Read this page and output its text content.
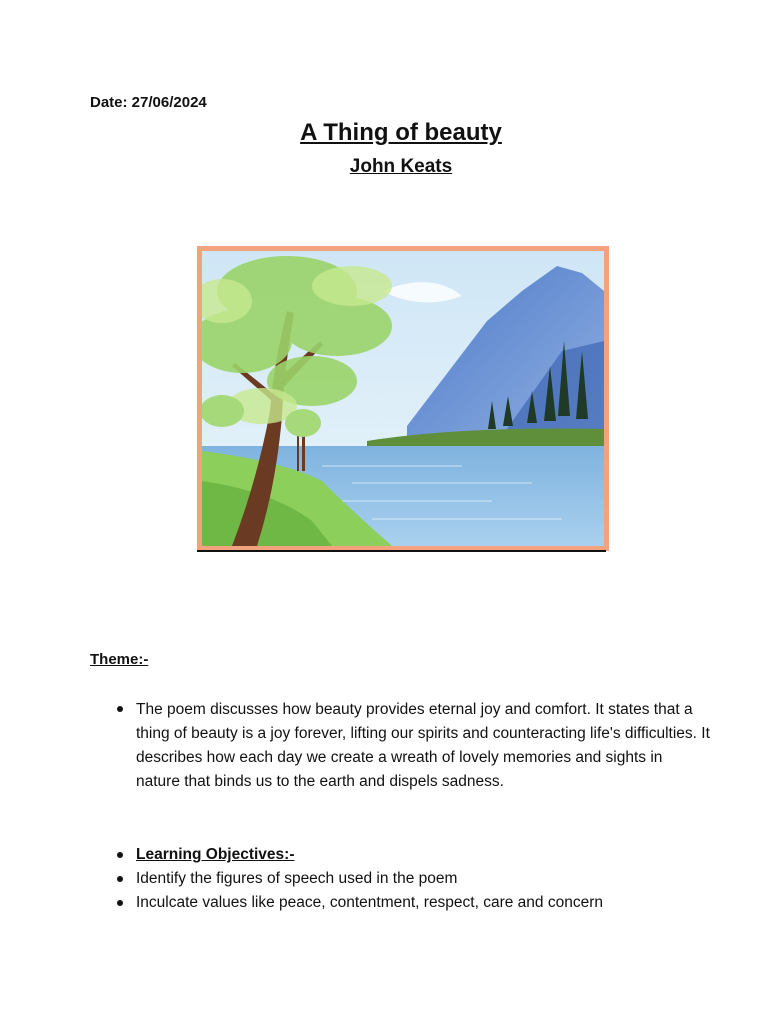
Date: 27/06/2024
A Thing of beauty
John Keats
Theme:-
The poem discusses how beauty provides eternal joy and comfort. It states that a thing of beauty is a joy forever, lifting our spirits and counteracting life's difficulties. It describes how each day we create a wreath of lovely memories and sights in nature that binds us to the earth and dispels sadness.
Learning Objectives:-
Identify the figures of speech used in the poem
Inculcate values like peace, contentment, respect, care and concern
